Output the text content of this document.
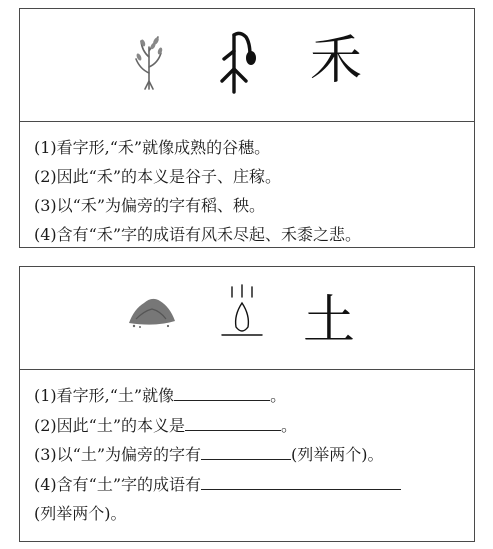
禾
(1)看字形,“禾”就像成熟的谷穗。
(2)因此“禾”的本义是谷子、庄稼。
(3)以“禾”为偏旁的字有稻、秧。
(4)含有“禾”字的成语有风禾尽起、禾黍之悲。
土
(1)看字形,“土”就像	。
(2)因此“土”的本义是	。
(3)以“土”为偏旁的字有	(列举两个)。
(4)含有“土”字的成语有
(列举两个)。
